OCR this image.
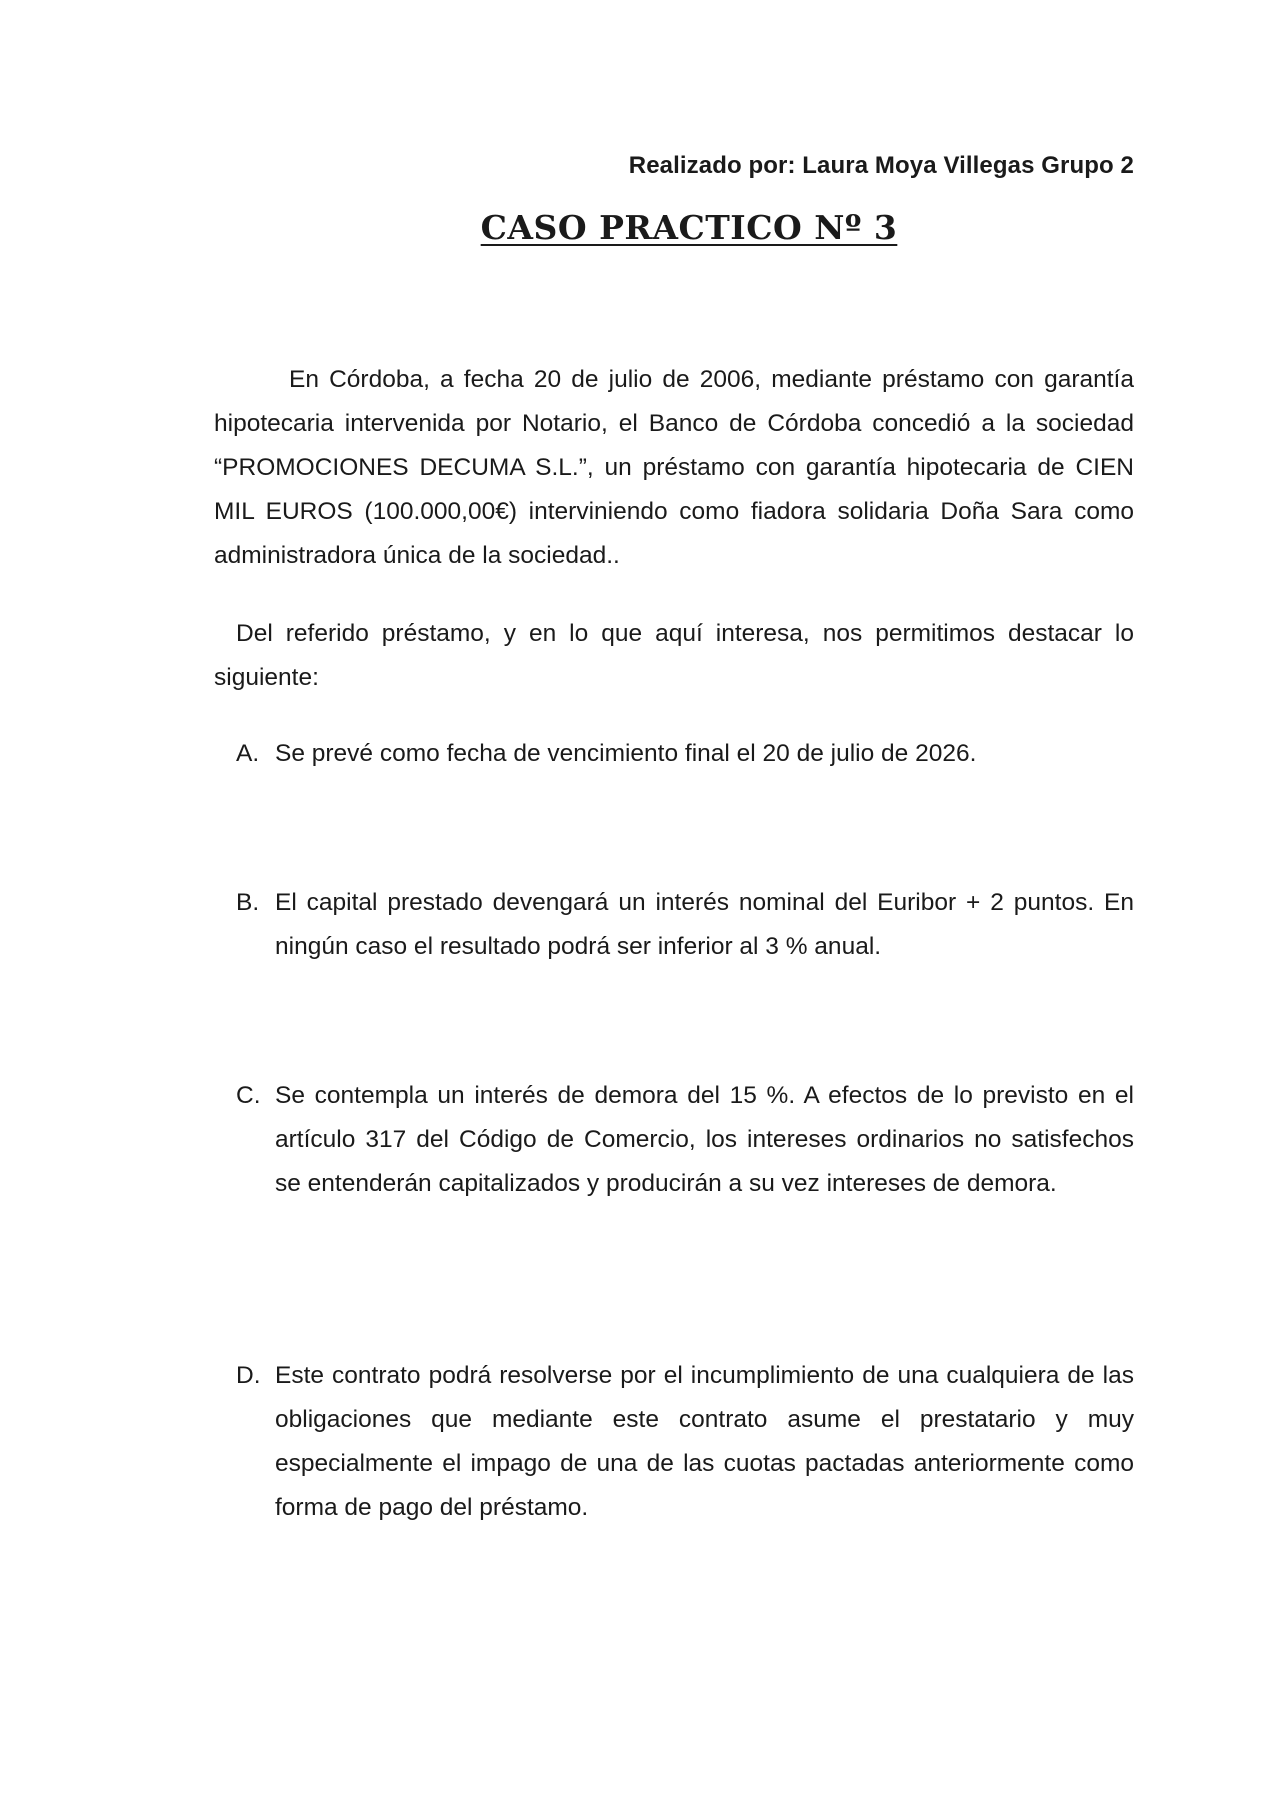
Realizado por: Laura Moya Villegas Grupo 2
CASO PRACTICO Nº 3

En Córdoba, a fecha 20 de julio de 2006, mediante préstamo con garantía hipotecaria intervenida por Notario, el Banco de Córdoba concedió a la sociedad “PROMOCIONES DECUMA S.L.”, un préstamo con garantía hipotecaria de CIEN MIL EUROS (100.000,00€) interviniendo como fiadora solidaria Doña Sara como administradora única de la sociedad..

Del referido préstamo, y en lo que aquí interesa, nos permitimos destacar lo siguiente:

A. Se prevé como fecha de vencimiento final el 20 de julio de 2026.
B. El capital prestado devengará un interés nominal del Euribor + 2 puntos. En ningún caso el resultado podrá ser inferior al 3 % anual.
C. Se contempla un interés de demora del 15 %. A efectos de lo previsto en el artículo 317 del Código de Comercio, los intereses ordinarios no satisfechos se entenderán capitalizados y producirán a su vez intereses de demora.
D. Este contrato podrá resolverse por el incumplimiento de una cualquiera de las obligaciones que mediante este contrato asume el prestatario y muy especialmente el impago de una de las cuotas pactadas anteriormente como forma de pago del préstamo.
